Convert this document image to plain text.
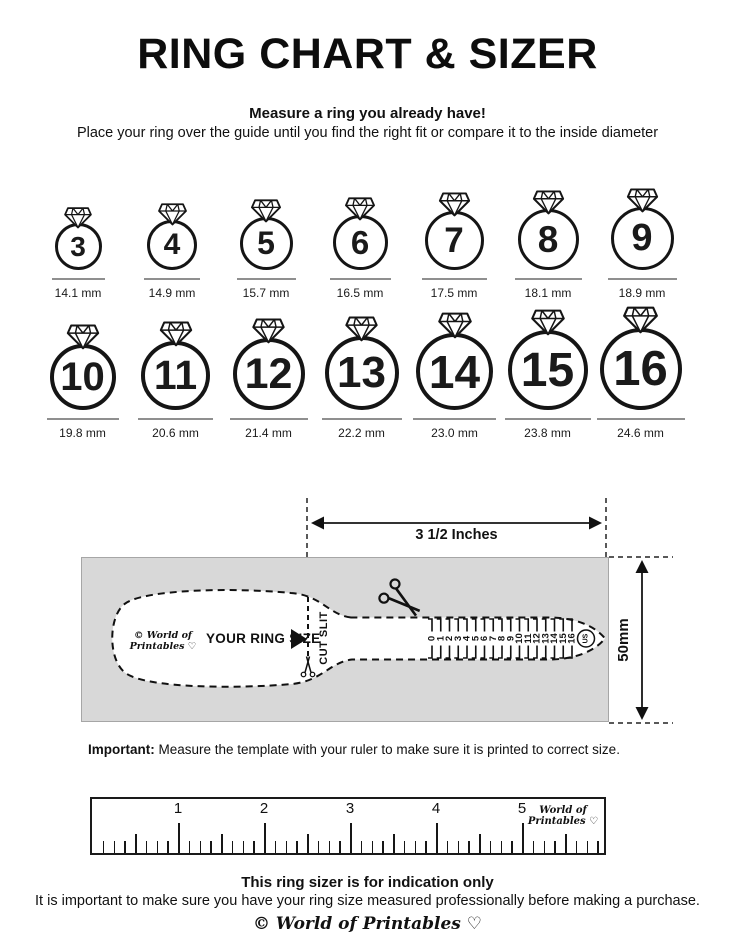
RING CHART & SIZER
Measure a ring you already have!
Place your ring over the guide until you find the right fit or compare it to the inside diameter
3
14.1 mm
4
14.9 mm
5
15.7 mm
6
16.5 mm
7
17.5 mm
8
18.1 mm
9
18.9 mm
10
19.8 mm
11
20.6 mm
12
21.4 mm
13
22.2 mm
14
23.0 mm
15
23.8 mm
16
24.6 mm
3 1/2 Inches
50mm
0
1
2
3
4
5
6
7
8
9
10
11
12
13
14
15
16 US
© World of Printables ♡
YOUR RING SIZE
CUT SLIT
Important: Measure the template with your ruler to make sure it is printed to correct size.
World of Printables ♡
1	2	3	4	5
This ring sizer is for indication only
It is important to make sure you have your ring size measured professionally before making a purchase.
© World of Printables ♡
